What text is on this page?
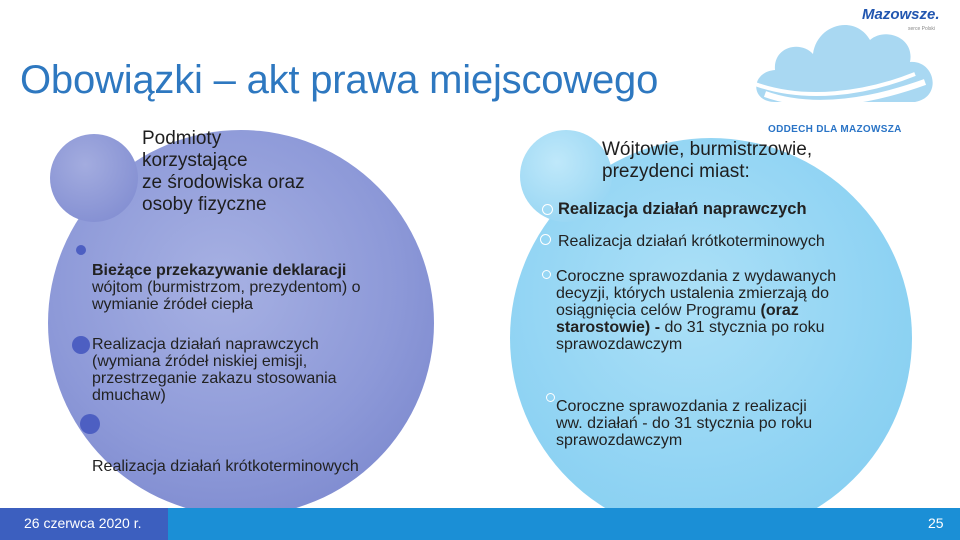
Mazowsze.
serce Polski
Obowiązki – akt prawa miejscowego
ODDECH DLA MAZOWSZA
Podmioty
korzystające
ze środowiska oraz
osoby fizyczne
Bieżące przekazywanie deklaracji
wójtom (burmistrzom, prezydentom) o
wymianie źródeł ciepła
Realizacja działań naprawczych
(wymiana źródeł niskiej emisji,
przestrzeganie zakazu stosowania
dmuchaw)
Realizacja działań krótkoterminowych
Wójtowie, burmistrzowie,
prezydenci miast:
Realizacja działań naprawczych
Realizacja działań krótkoterminowych
Coroczne sprawozdania z wydawanych
decyzji, których ustalenia zmierzają do
osiągnięcia celów Programu (oraz
starostowie) - do 31 stycznia po roku
sprawozdawczym
Coroczne sprawozdania z realizacji
ww. działań - do 31 stycznia po roku
sprawozdawczym
26 czerwca 2020 r.	25
